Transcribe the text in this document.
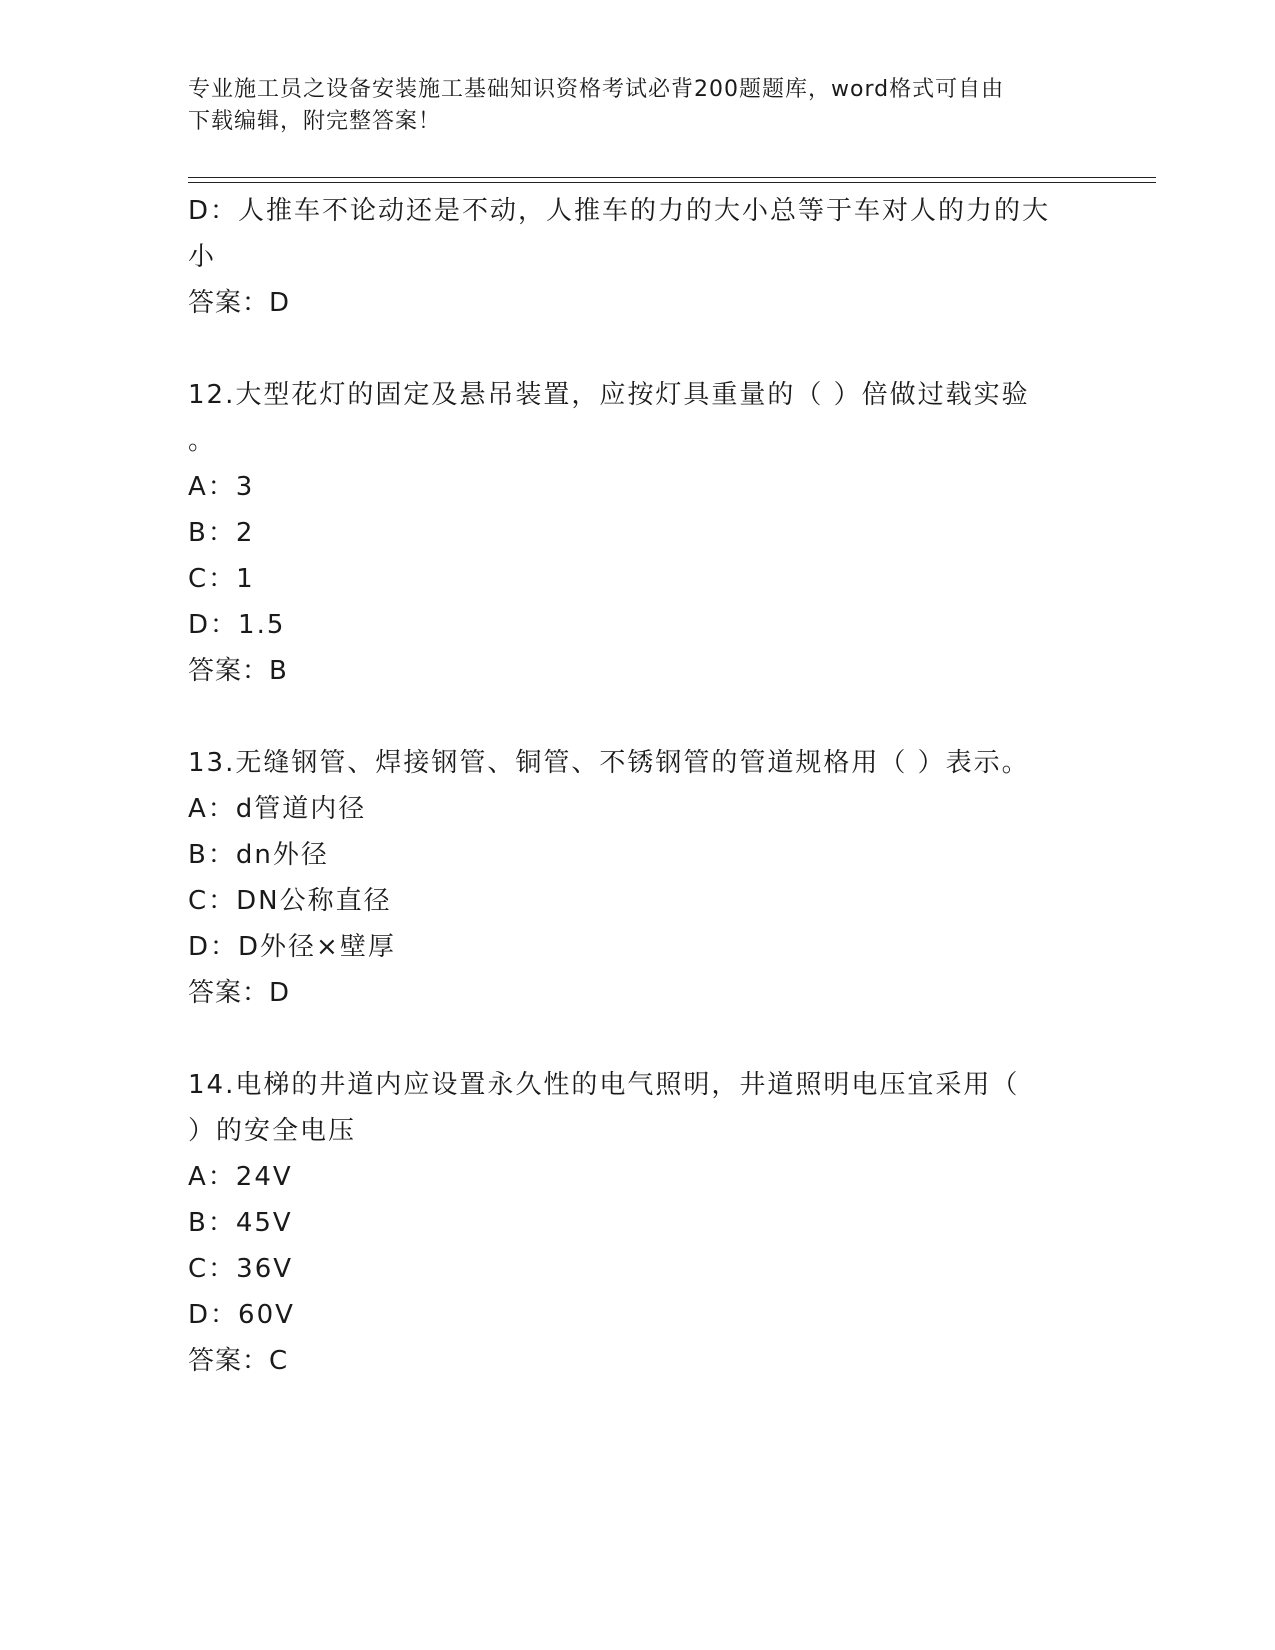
专业施工员之设备安装施工基础知识资格考试必背200题题库，word格式可自由
下载编辑，附完整答案！
D：人推车不论动还是不动，人推车的力的大小总等于车对人的力的大
小
答案：D
12.大型花灯的固定及悬吊装置，应按灯具重量的（ ）倍做过载实验
。
A：3
B：2
C：1
D：1.5
答案：B
13.无缝钢管、焊接钢管、铜管、不锈钢管的管道规格用（ ）表示。
A：d管道内径
B：dn外径
C：DN公称直径
D：D外径×壁厚
答案：D
14.电梯的井道内应设置永久性的电气照明，井道照明电压宜采用（
）的安全电压
A：24V
B：45V
C：36V
D：60V
答案：C
